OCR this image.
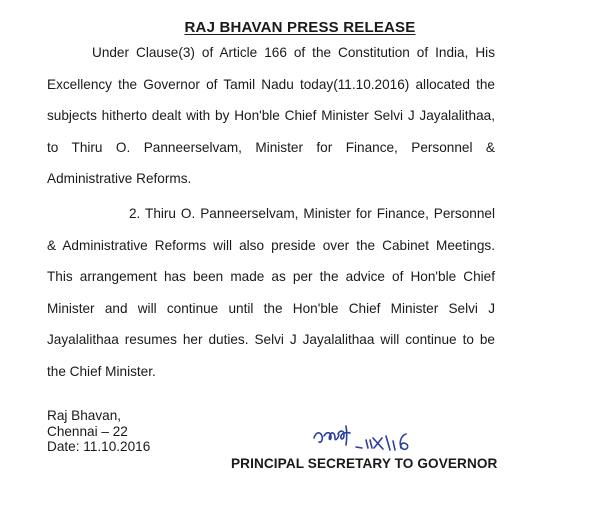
RAJ BHAVAN PRESS RELEASE
Under Clause(3) of Article 166 of the Constitution of India, His
Excellency the Governor of Tamil Nadu today(11.10.2016) allocated the
subjects hitherto dealt with by Hon'ble Chief Minister Selvi J Jayalalithaa,
to Thiru O. Panneerselvam, Minister for Finance, Personnel &
Administrative Reforms.
2. Thiru O. Panneerselvam, Minister for Finance, Personnel
& Administrative Reforms will also preside over the Cabinet Meetings.
This arrangement has been made as per the advice of Hon'ble Chief
Minister and will continue until the Hon'ble Chief Minister Selvi J
Jayalalithaa resumes her duties. Selvi J Jayalalithaa will continue to be
the Chief Minister.
Raj Bhavan,
Chennai – 22
Date: 11.10.2016
PRINCIPAL SECRETARY TO GOVERNOR
